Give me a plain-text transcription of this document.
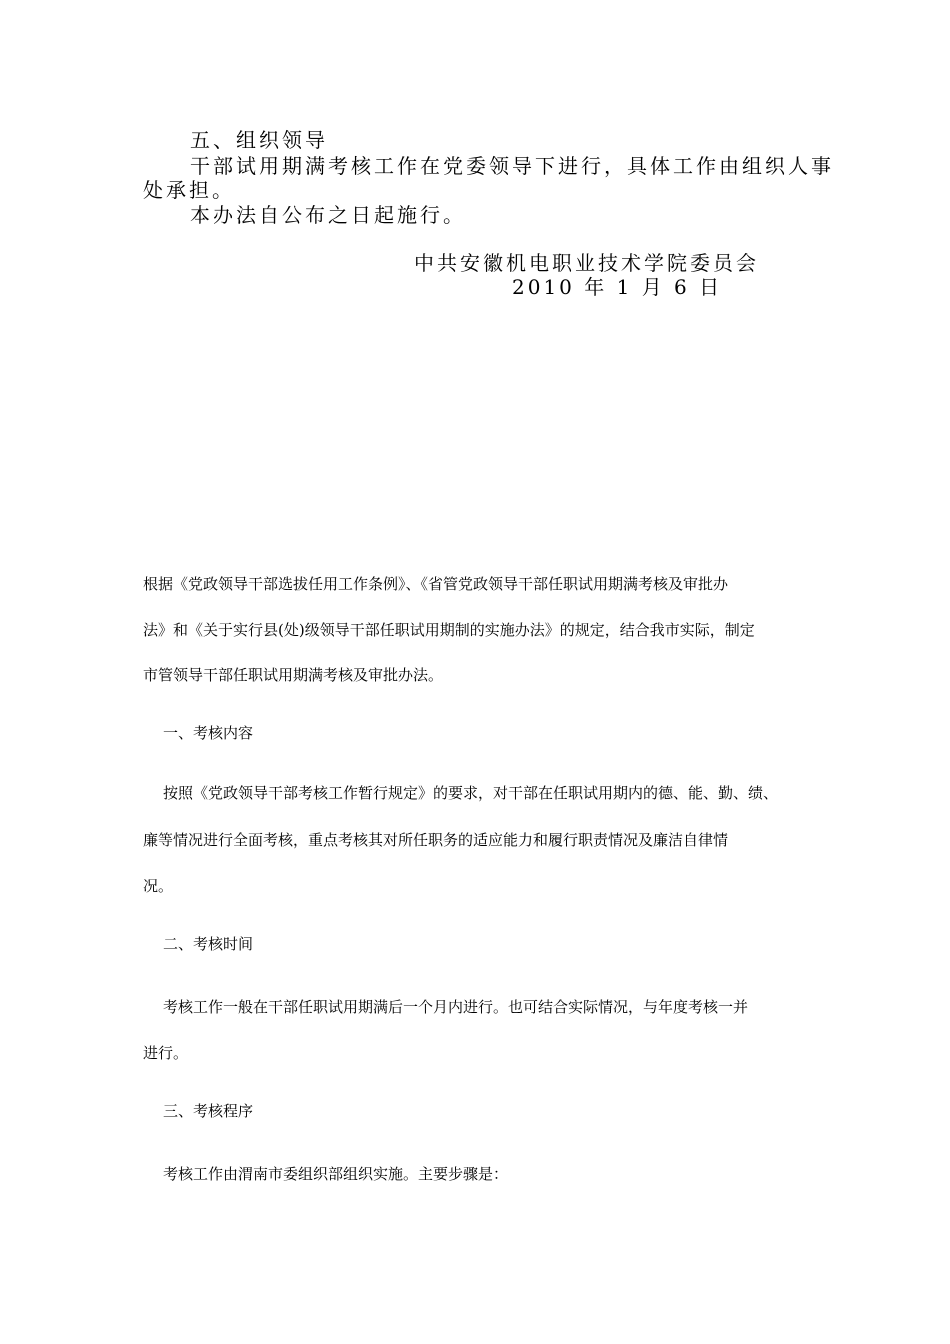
五、组织领导
干部试用期满考核工作在党委领导下进行，具体工作由组织人事
处承担。
本办法自公布之日起施行。
中共安徽机电职业技术学院委员会
2010 年 1 月 6 日
根据《党政领导干部选拔任用工作条例》、《省管党政领导干部任职试用期满考核及审批办
法》和《关于实行县(处)级领导干部任职试用期制的实施办法》的规定，结合我市实际，制定
市管领导干部任职试用期满考核及审批办法。
一、考核内容
按照《党政领导干部考核工作暂行规定》的要求，对干部在任职试用期内的德、能、勤、绩、
廉等情况进行全面考核，重点考核其对所任职务的适应能力和履行职责情况及廉洁自律情
况。
二、考核时间
考核工作一般在干部任职试用期满后一个月内进行。也可结合实际情况，与年度考核一并
进行。
三、考核程序
考核工作由渭南市委组织部组织实施。主要步骤是：
